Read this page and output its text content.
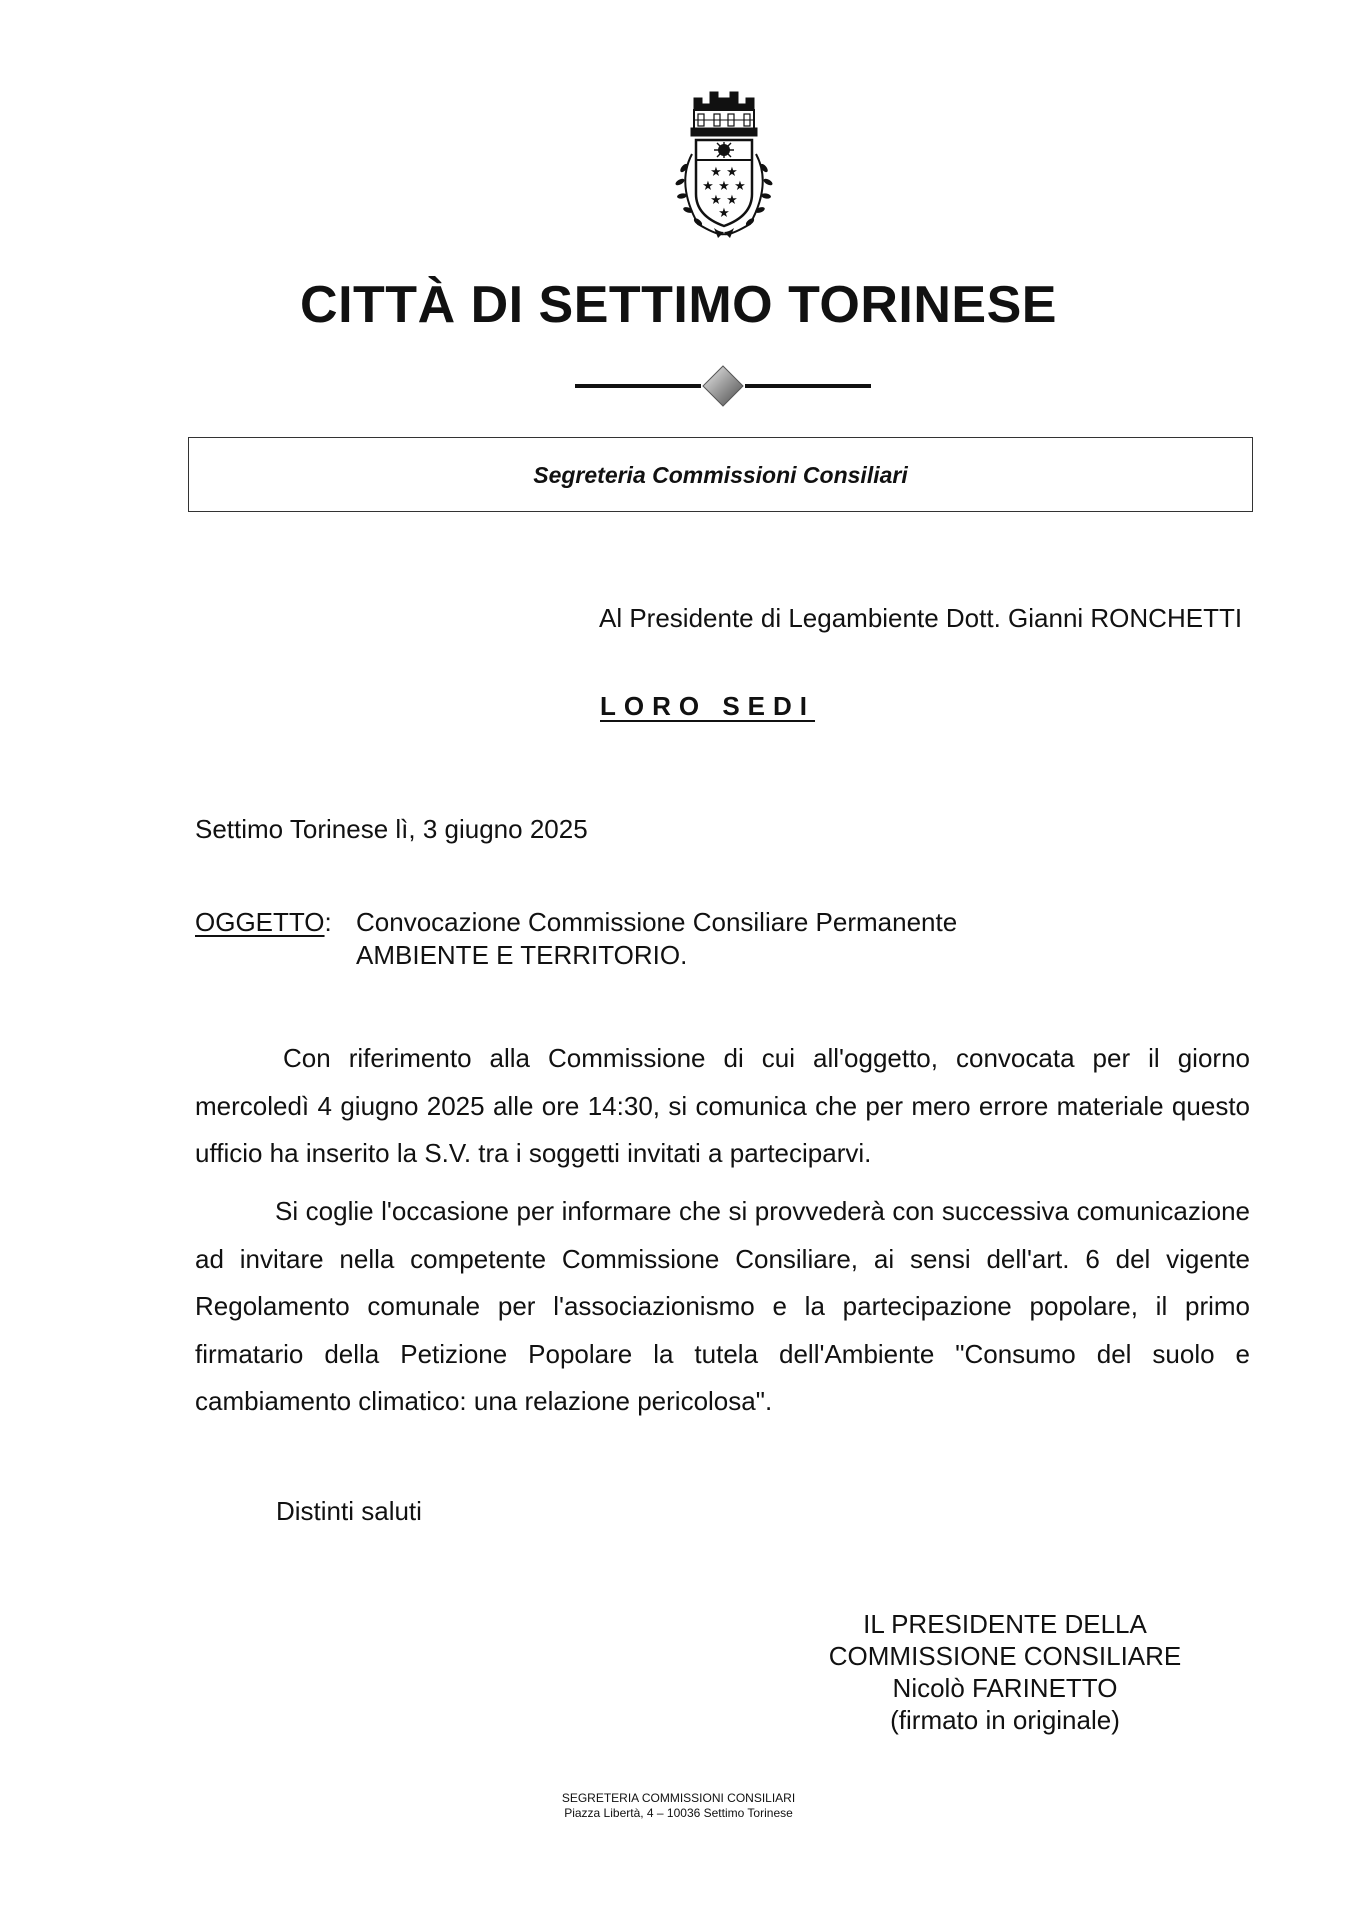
★ ★
★ ★ ★
★ ★
★
CITTÀ DI SETTIMO TORINESE
Segreteria Commissioni Consiliari
Al Presidente di Legambiente Dott. Gianni RONCHETTI
LORO SEDI
Settimo Torinese lì, 3 giugno 2025
OGGETTO: Convocazione Commissione Consiliare Permanente
AMBIENTE E TERRITORIO.
Con riferimento alla Commissione di cui all'oggetto, convocata per il giorno mercoledì 4 giugno 2025 alle ore 14:30, si comunica che per mero errore materiale questo ufficio ha inserito la S.V. tra i soggetti invitati a parteciparvi.
Si coglie l'occasione per informare che si provvederà con successiva comunicazione ad invitare nella competente Commissione Consiliare, ai sensi dell'art. 6 del vigente Regolamento comunale per l'associazionismo e la partecipazione popolare, il primo firmatario della Petizione Popolare la tutela dell'Ambiente "Consumo del suolo e cambiamento climatico: una relazione pericolosa".
Distinti saluti
IL PRESIDENTE DELLA
COMMISSIONE CONSILIARE
Nicolò FARINETTO
(firmato in originale)
SEGRETERIA COMMISSIONI CONSILIARI
Piazza Libertà, 4 – 10036 Settimo Torinese
